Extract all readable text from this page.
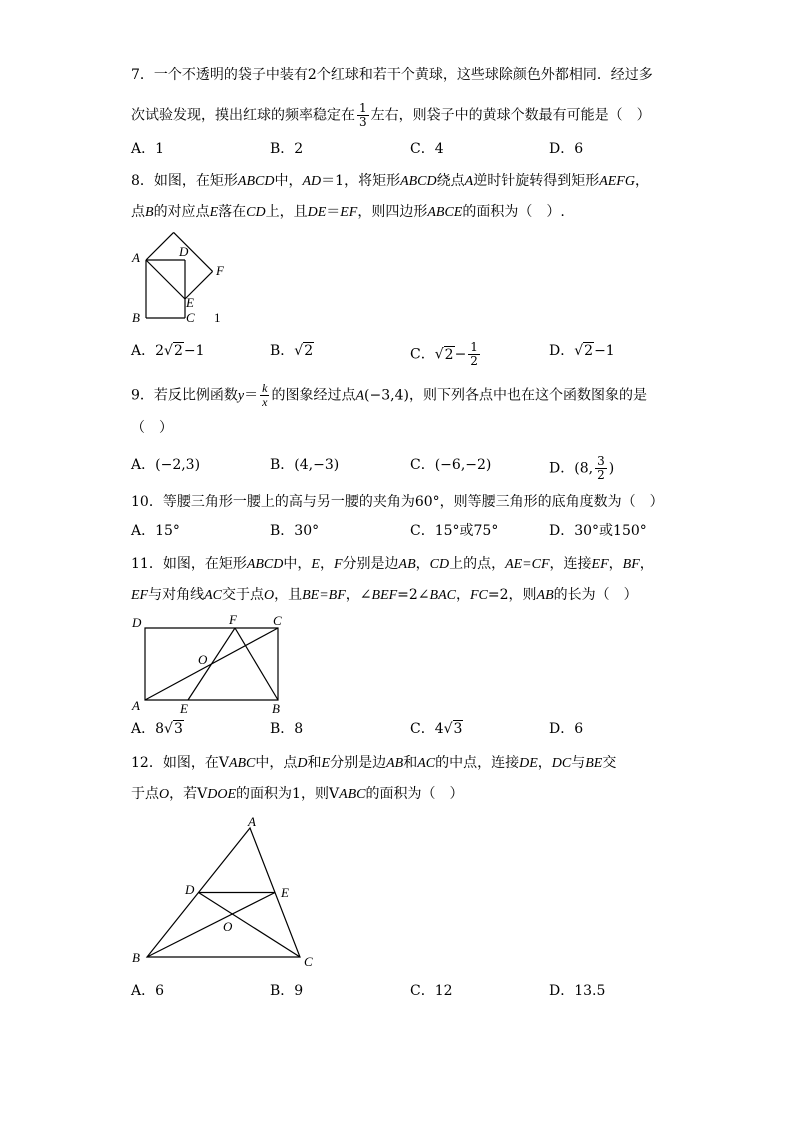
7．一个不透明的袋子中装有2个红球和若干个黄球，这些球除颜色外都相同．经过多
次试验发现，摸出红球的频率稳定在 $\frac{1}{3}$ 左右，则袋子中的黄球个数最有可能是（　）
A．1	B．2	C．4	D．6
8．如图，在矩形ABCD中，AD＝1，将矩形ABCD绕点A逆时针旋转得到矩形AEFG，
点B的对应点E落在CD上，且DE＝EF，则四边形ABCE的面积为（　）.
A	D
F
E
B	C 1
A．2√2−1	B．√2	C．$√2- \frac{1}{2}$	D．√2−1
9．若反比例函数$y= \frac{k}{x}$ 的图象经过点A(−3,4)，则下列各点中也在这个函数图象的是
（　）
A．(−2,3)	B．(4,−3)	C．(−6,−2)	D．(8, $\frac{3}{2}$ )
10．等腰三角形一腰上的高与另一腰的夹角为60°，则等腰三角形的底角度数为（　）
A．15°	B．30°	C．15°或75°	D．30°或150°
11．如图，在矩形ABCD中，E，F分别是边AB，CD上的点，AE=CF，连接EF，BF，
EF与对角线AC交于点O，且BE=BF，∠BEF=2∠BAC，FC=2，则AB的长为（　）
D	F	C
O
A	E	B
A．8√3	B．8	C．4√3	D．6
12．如图，在VABC中，点D和E分别是边AB和AC的中点，连接DE，DC与BE交
于点O，若VDOE的面积为1，则VABC的面积为（　）
A
D	E
O
B	C
A．6	B．9	C．12	D．13.5
